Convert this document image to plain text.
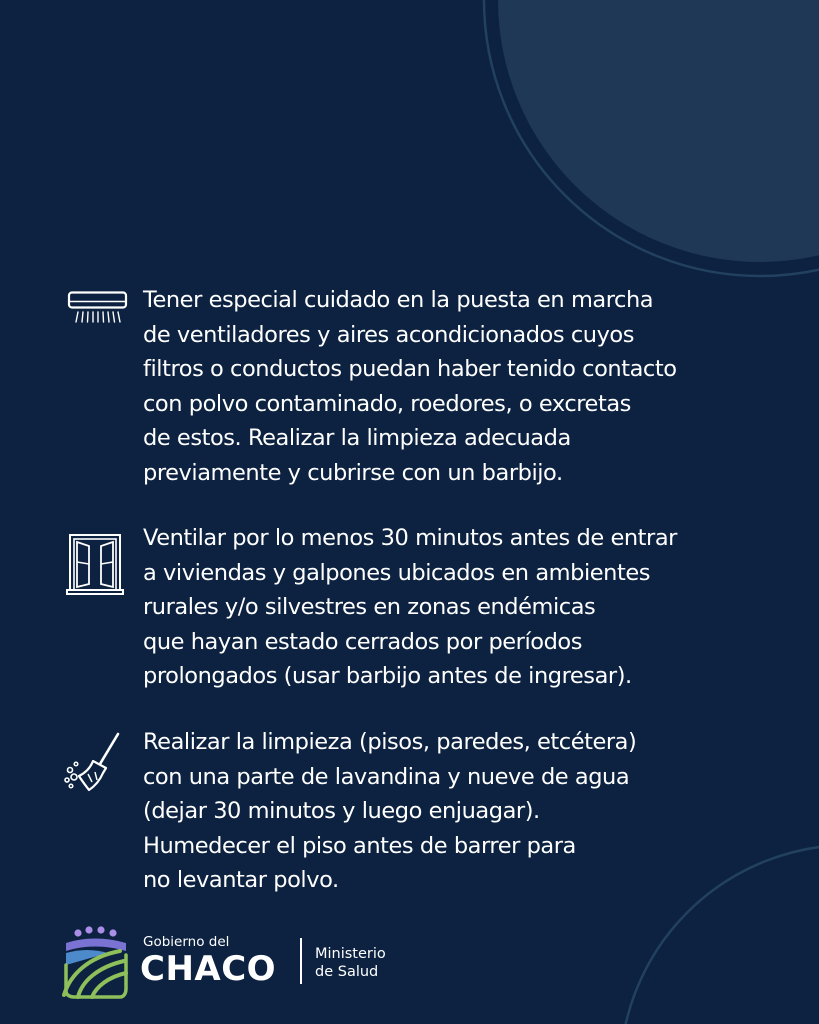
Tener especial cuidado en la puesta en marcha
de ventiladores y aires acondicionados cuyos
filtros o conductos puedan haber tenido contacto
con polvo contaminado, roedores, o excretas
de estos. Realizar la limpieza adecuada
previamente y cubrirse con un barbijo.

Ventilar por lo menos 30 minutos antes de entrar
a viviendas y galpones ubicados en ambientes
rurales y/o silvestres en zonas endémicas
que hayan estado cerrados por períodos
prolongados (usar barbijo antes de ingresar).

Realizar la limpieza (pisos, paredes, etcétera)
con una parte de lavandina y nueve de agua
(dejar 30 minutos y luego enjuagar).
Humedecer el piso antes de barrer para
no levantar polvo.

Gobierno del
CHACO	Ministerio
de Salud
